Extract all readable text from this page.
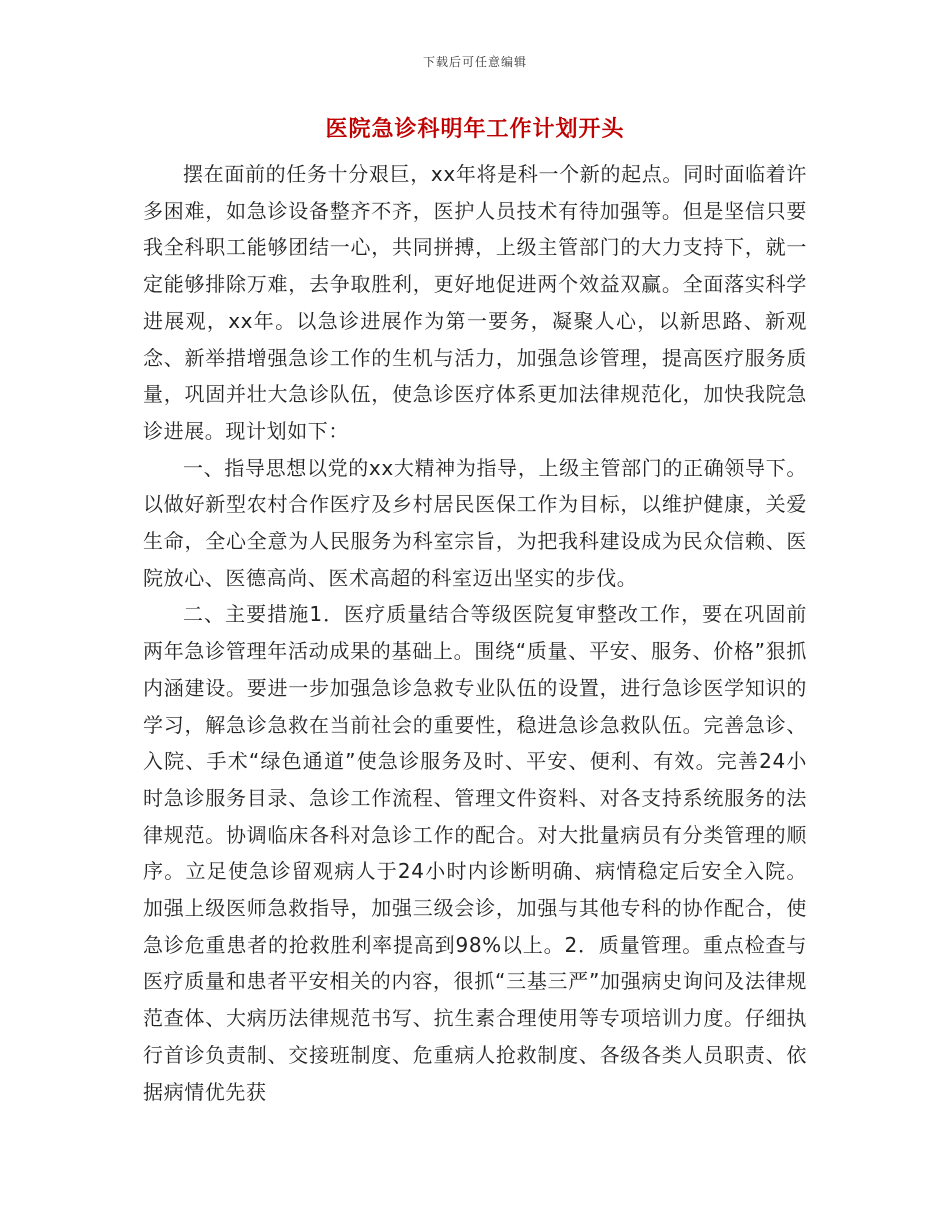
下载后可任意编辑
医院急诊科明年工作计划开头

摆在面前的任务十分艰巨，xx年将是科一个新的起点。同时面临着许多困难，如急诊设备整齐不齐，医护人员技术有待加强等。但是坚信只要我全科职工能够团结一心，共同拼搏，上级主管部门的大力支持下，就一定能够排除万难，去争取胜利，更好地促进两个效益双赢。全面落实科学进展观，xx年。以急诊进展作为第一要务，凝聚人心，以新思路、新观念、新举措增强急诊工作的生机与活力，加强急诊管理，提高医疗服务质量，巩固并壮大急诊队伍，使急诊医疗体系更加法律规范化，加快我院急诊进展。现计划如下：

一、指导思想以党的xx大精神为指导，上级主管部门的正确领导下。以做好新型农村合作医疗及乡村居民医保工作为目标，以维护健康，关爱生命，全心全意为人民服务为科室宗旨，为把我科建设成为民众信赖、医院放心、医德高尚、医术高超的科室迈出坚实的步伐。

二、主要措施1．医疗质量结合等级医院复审整改工作，要在巩固前两年急诊管理年活动成果的基础上。围绕“质量、平安、服务、价格”狠抓内涵建设。要进一步加强急诊急救专业队伍的设置，进行急诊医学知识的学习，解急诊急救在当前社会的重要性，稳进急诊急救队伍。完善急诊、入院、手术“绿色通道”使急诊服务及时、平安、便利、有效。完善24小时急诊服务目录、急诊工作流程、管理文件资料、对各支持系统服务的法律规范。协调临床各科对急诊工作的配合。对大批量病员有分类管理的顺序。立足使急诊留观病人于24小时内诊断明确、病情稳定后安全入院。加强上级医师急救指导，加强三级会诊，加强与其他专科的协作配合，使急诊危重患者的抢救胜利率提高到98%以上。2．质量管理。重点检查与医疗质量和患者平安相关的内容，很抓“三基三严”加强病史询问及法律规范查体、大病历法律规范书写、抗生素合理使用等专项培训力度。仔细执行首诊负责制、交接班制度、危重病人抢救制度、各级各类人员职责、依据病情优先获
